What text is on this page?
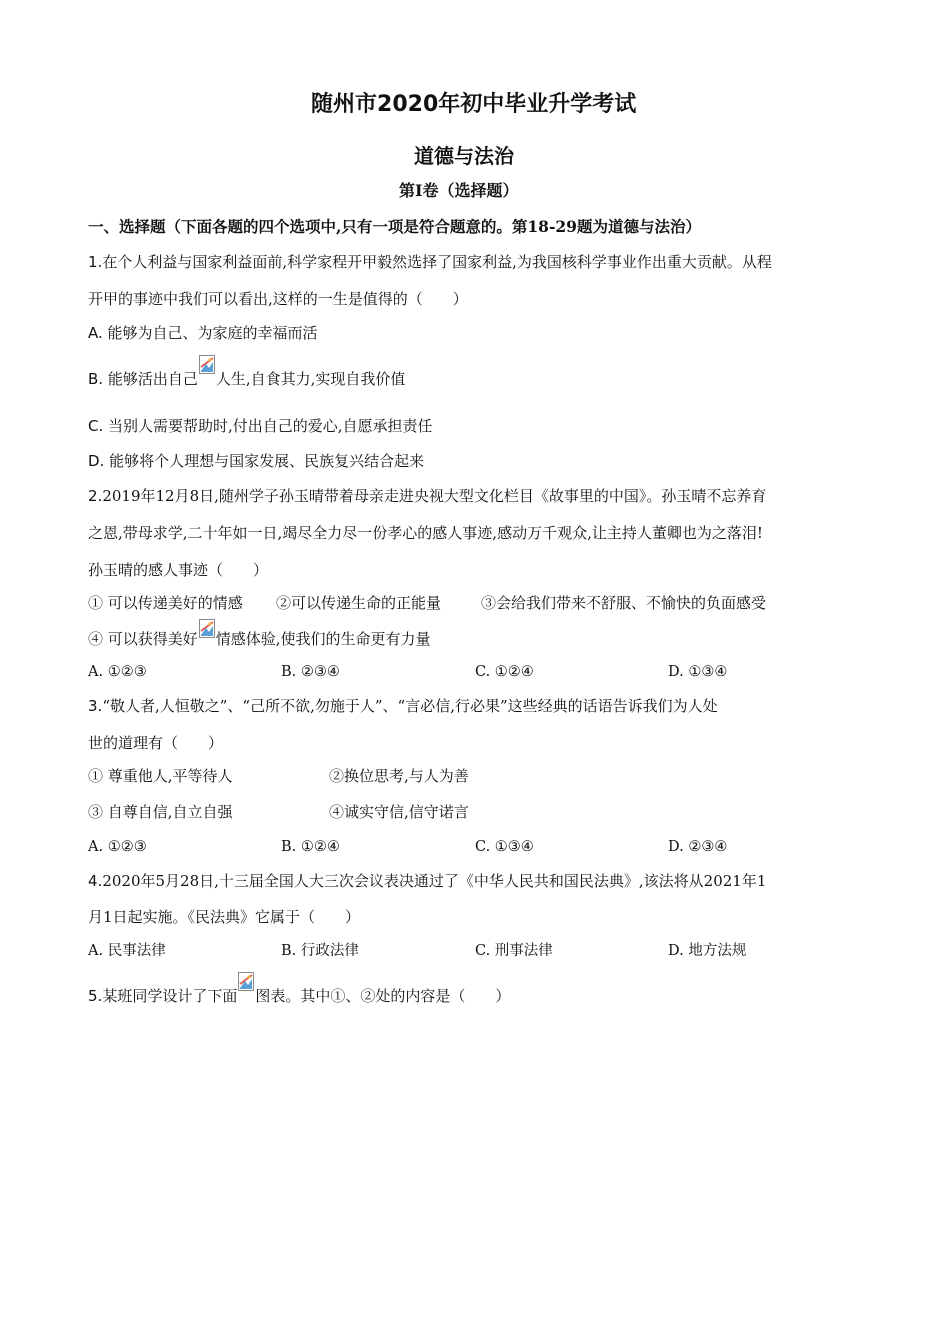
随州市2020年初中毕业升学考试
道德与法治
第Ⅰ卷（选择题）
一、选择题（下面各题的四个选项中,只有一项是符合题意的。第18-29题为道德与法治）
1.在个人利益与国家利益面前,科学家程开甲毅然选择了国家利益,为我国核科学事业作出重大贡献。从程
开甲的事迹中我们可以看出,这样的一生是值得的（　　）
A. 能够为自己、为家庭的幸福而活
B. 能够活出自己 人生,自食其力,实现自我价值
C. 当别人需要帮助时,付出自己的爱心,自愿承担责任
D. 能够将个人理想与国家发展、民族复兴结合起来
2.2019年12月8日,随州学子孙玉晴带着母亲走进央视大型文化栏目《故事里的中国》。孙玉晴不忘养育
之恩,带母求学,二十年如一日,竭尽全力尽一份孝心的感人事迹,感动万千观众,让主持人董卿也为之落泪!
孙玉晴的感人事迹（　　）
① 可以传递美好的情感 ②可以传递生命的正能量	③会给我们带来不舒服、不愉快的负面感受
④ 可以获得美好 情感体验,使我们的生命更有力量
A. ①②③	B. ②③④	C. ①②④	D. ①③④
3.“敬人者,人恒敬之”、“己所不欲,勿施于人”、“言必信,行必果”这些经典的话语告诉我们为人处
世的道理有（　　）
① 尊重他人,平等待人	②换位思考,与人为善
③ 自尊自信,自立自强	④诚实守信,信守诺言
A. ①②③	B. ①②④	C. ①③④	D. ②③④
4.2020年5月28日,十三届全国人大三次会议表决通过了《中华人民共和国民法典》,该法将从2021年1
月1日起实施。《民法典》它属于（　　）
A. 民事法律	B. 行政法律	C. 刑事法律	D. 地方法规
5.某班同学设计了下面 图表。其中①、②处的内容是（　　）
